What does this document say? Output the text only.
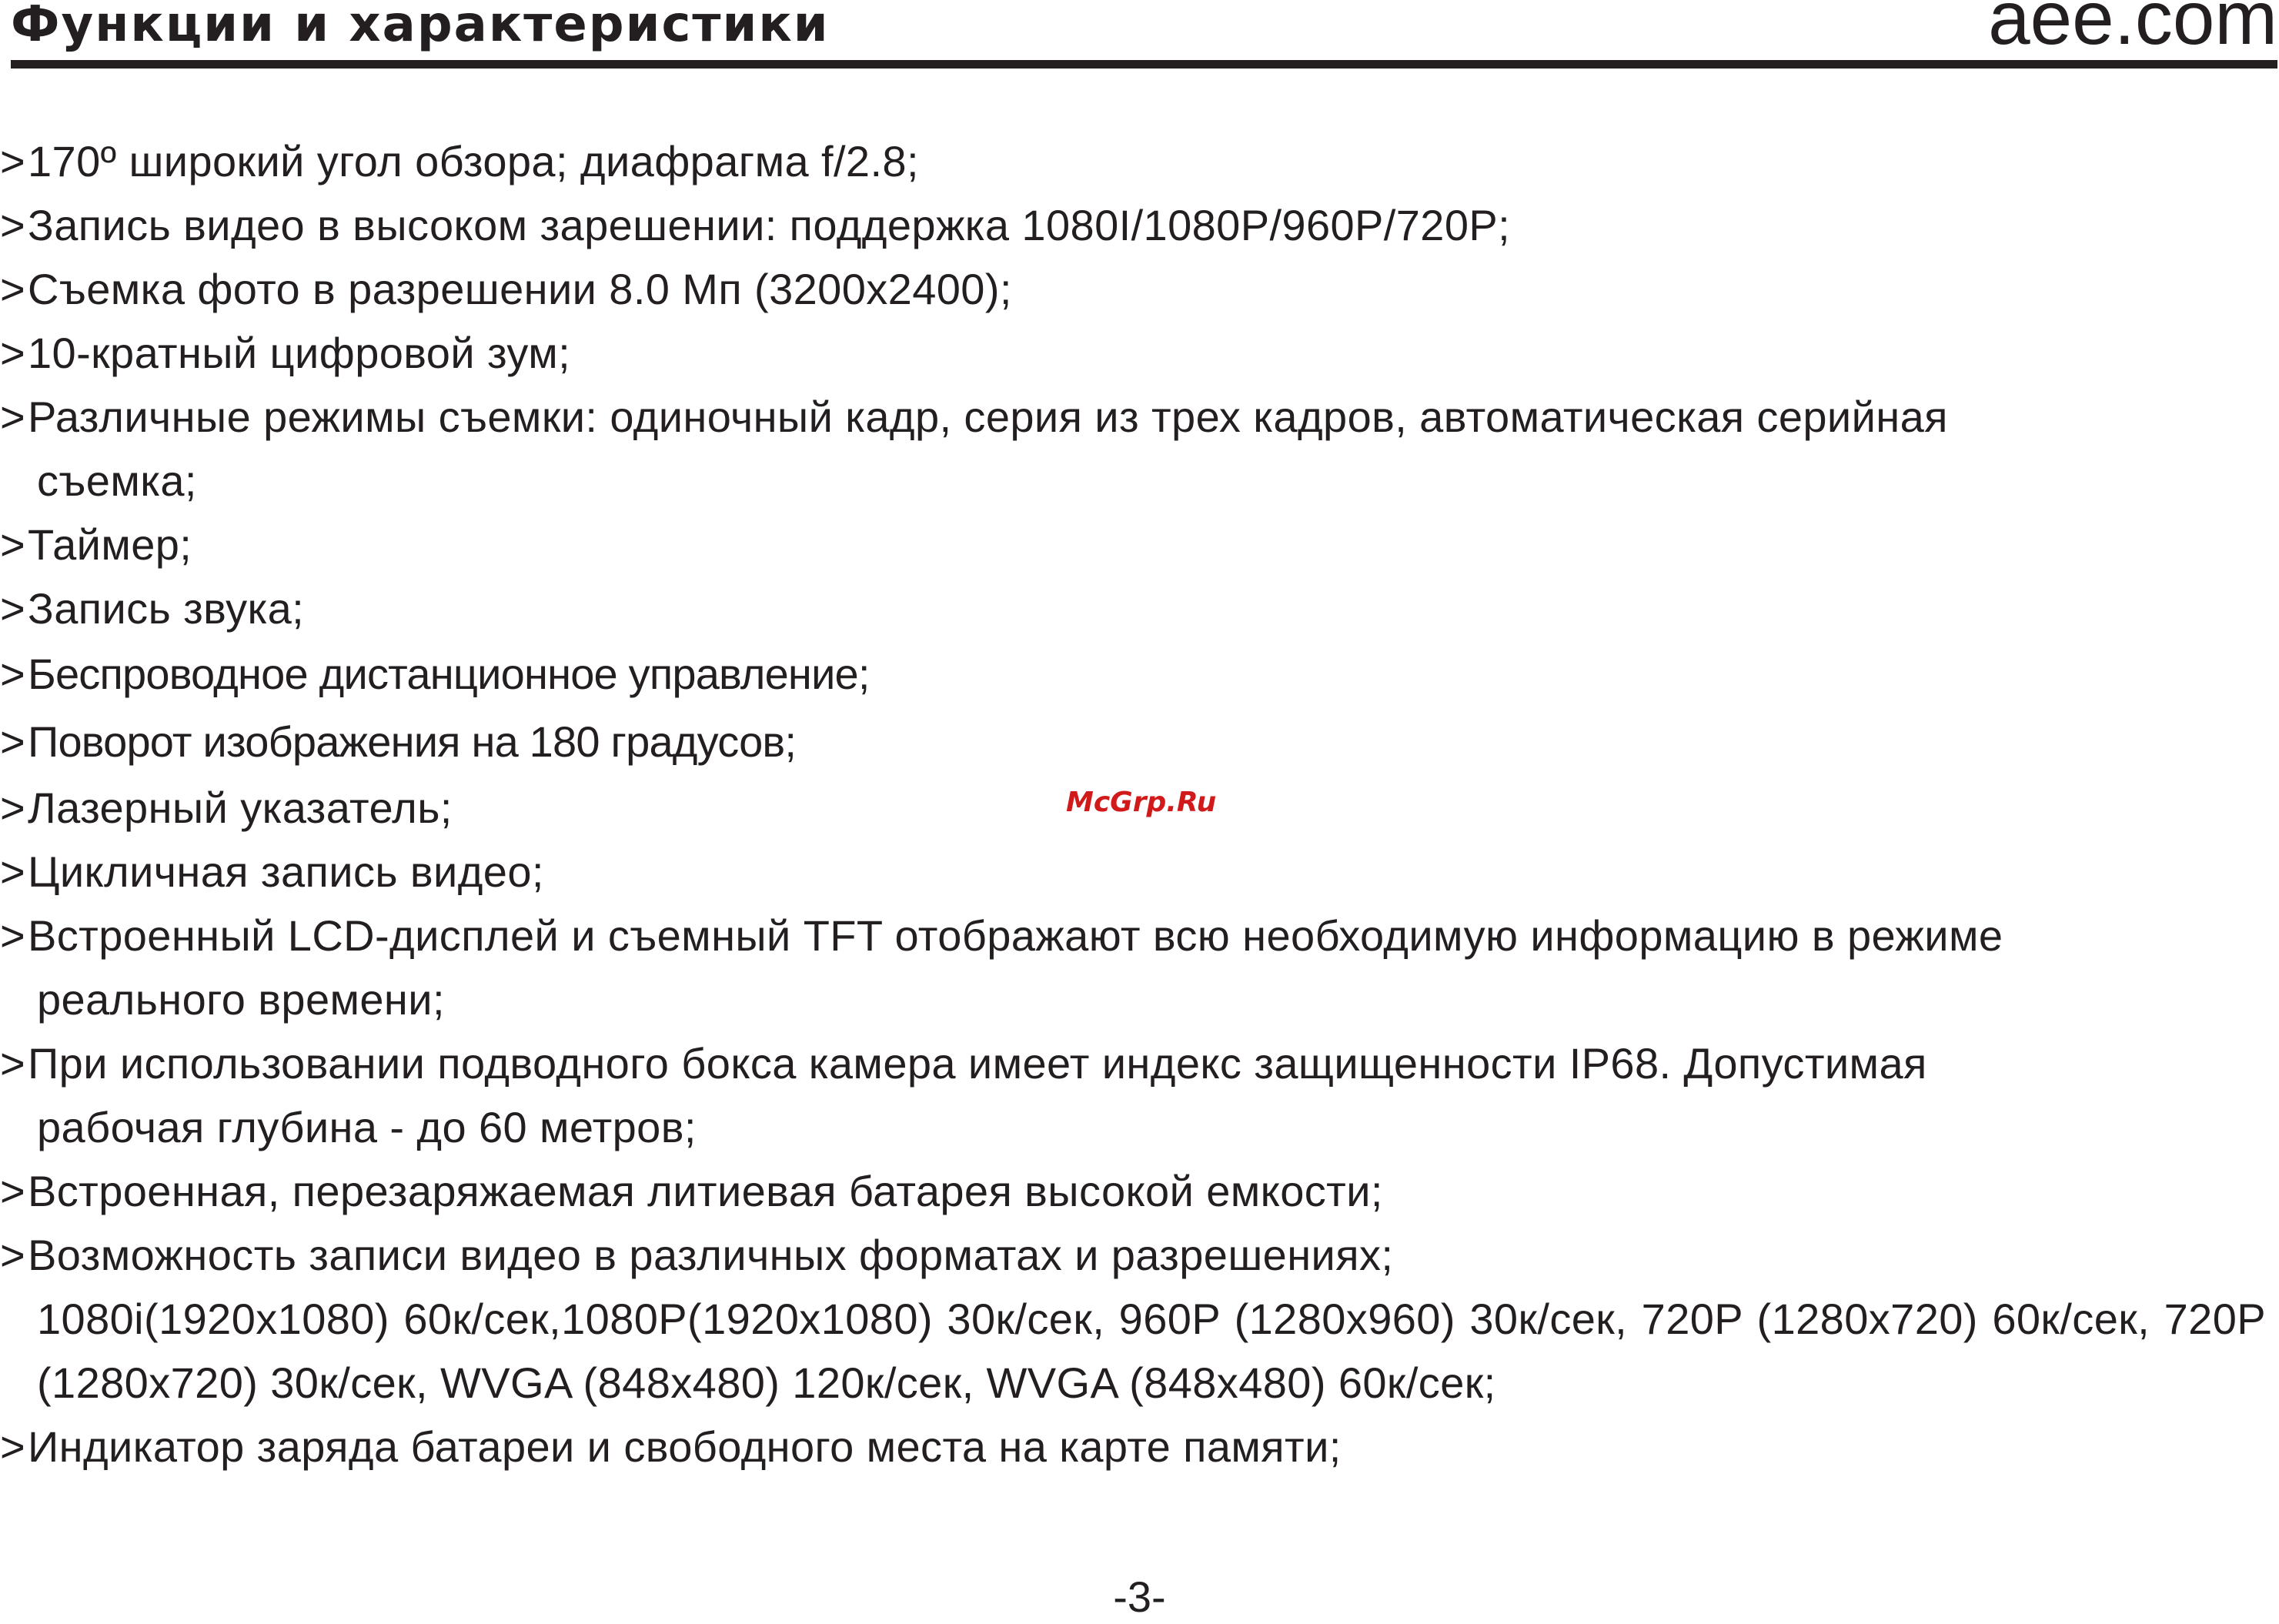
Функции и характеристики	aee.com
> 170º широкий угол обзора; диафрагма f/2.8;
> Запись видео в высоком зарешении: поддержка 1080I/1080P/960P/720P;
> Съемка фото в разрешении 8.0 Мп (3200x2400);
> 10-кратный цифровой зум;
> Различные режимы съемки: одиночный кадр, серия из трех кадров, автоматическая серийная
съемка;
> Таймер;
> Запись звука;
> Беспроводное дистанционное управление;
> Поворот изображения на 180 градусов;
> Лазерный указатель;
> Цикличная запись видео;
> Встроенный LCD-дисплей и съемный TFT отображают всю необходимую информацию в режиме
реального времени;
> При использовании подводного бокса камера имеет индекс защищенности IP68. Допустимая
рабочая глубина - до 60 метров;
> Встроенная, перезаряжаемая литиевая батарея высокой емкости;
> Возможность записи видео в различных форматах и разрешениях;
1080i(1920x1080) 60к/сек,1080P(1920x1080) 30к/сек, 960P (1280x960) 30к/сек, 720P (1280x720) 60к/сек, 720P (1280x720) 30к/сек, WVGA (848x480) 120к/сек, WVGA (848x480) 60к/сек;
> Индикатор заряда батареи и свободного места на карте памяти;
McGrp.Ru
-3-
